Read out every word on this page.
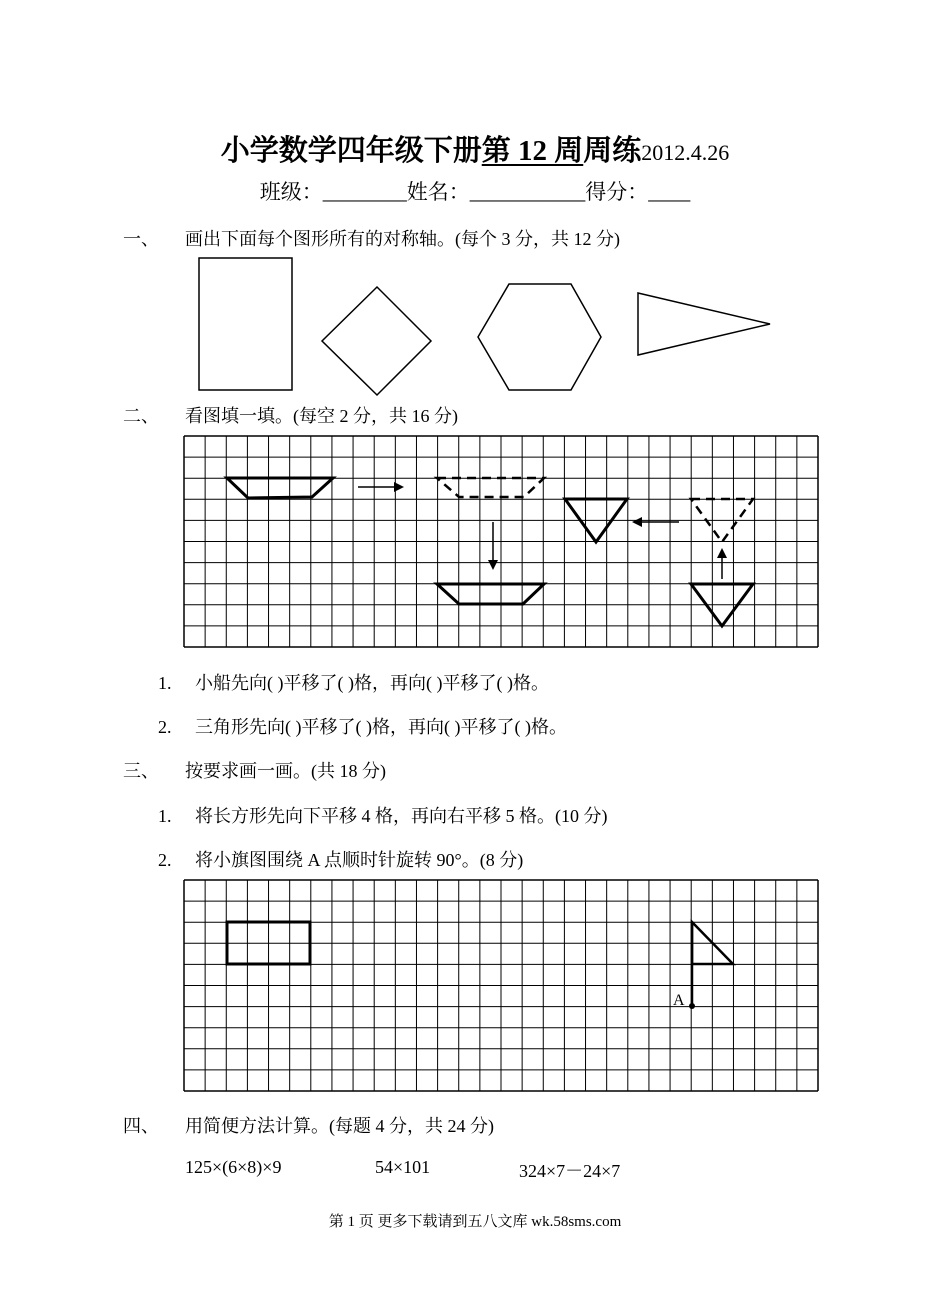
小学数学四年级下册第 12 周周练2012.4.26
班级：________姓名：___________得分：____
一、 画出下面每个图形所有的对称轴。(每个 3 分，共 12 分)
A
二、 看图填一填。(每空 2 分，共 16 分)
1. 小船先向( )平移了( )格，再向( )平移了( )格。
2. 三角形先向( )平移了( )格，再向( )平移了( )格。
三、 按要求画一画。(共 18 分)
1. 将长方形先向下平移 4 格，再向右平移 5 格。(10 分)
2. 将小旗图围绕 A 点顺时针旋转 90°。(8 分)
四、 用简便方法计算。(每题 4 分，共 24 分)
125×(6×8)×9	54×101	324×7－24×7
第 1 页 更多下载请到五八文库 wk.58sms.com
